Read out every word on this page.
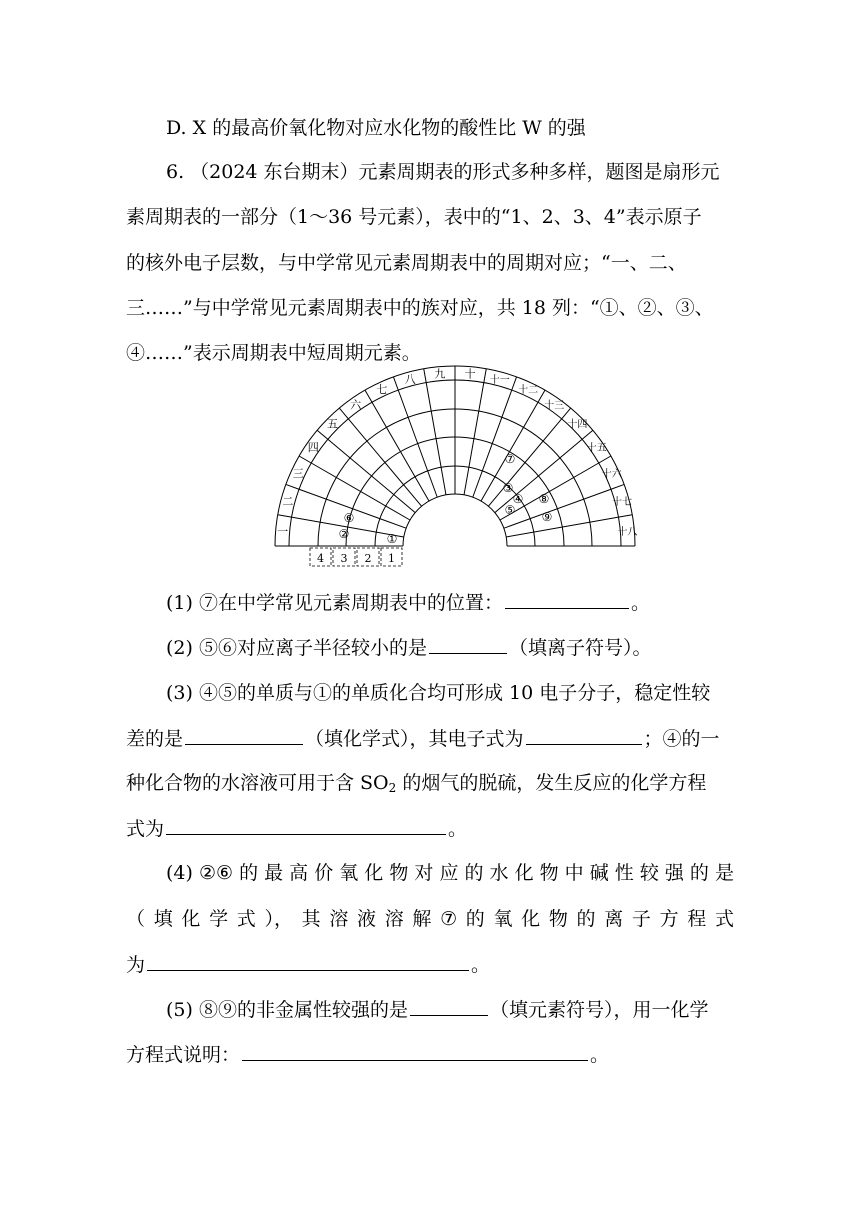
D. X 的最高价氧化物对应水化物的酸性比 W 的强
6. （2024 东台期末）元素周期表的形式多种多样，题图是扇形元
素周期表的一部分（1～36 号元素），表中的“1、2、3、4”表示原子
的核外电子层数，与中学常见元素周期表中的周期对应；“一、二、
三……”与中学常见元素周期表中的族对应，共 18 列：“①、②、③、
④……”表示周期表中短周期元素。
一
二
三
四
五
六
七
八 九 十 十一
十二
十三
十四
十五
十六
十七
十八
4 3 2 1
①
②
③
④
⑤
⑥
⑦
⑧
⑨
(1) ⑦在中学常见元素周期表中的位置：	。
(2) ⑤⑥对应离子半径较小的是	（填离子符号）。
(3) ④⑤的单质与①的单质化合均可形成 10 电子分子，稳定性较
差的是	（填化学式），其电子式为	；④的一
种化合物的水溶液可用于含 $SO_2$ 的烟气的脱硫，发生反应的化学方程
式为	。
(4) ②⑥ 的 最 高 价 氧 化 物 对 应 的 水 化 物 中 碱 性 较 强 的 是
（ 填 化 学 式 ）， 其 溶 液 溶 解 ⑦ 的 氧 化 物 的 离 子 方 程 式
为	。
(5) ⑧⑨的非金属性较强的是	（填元素符号），用一化学
方程式说明：	。
